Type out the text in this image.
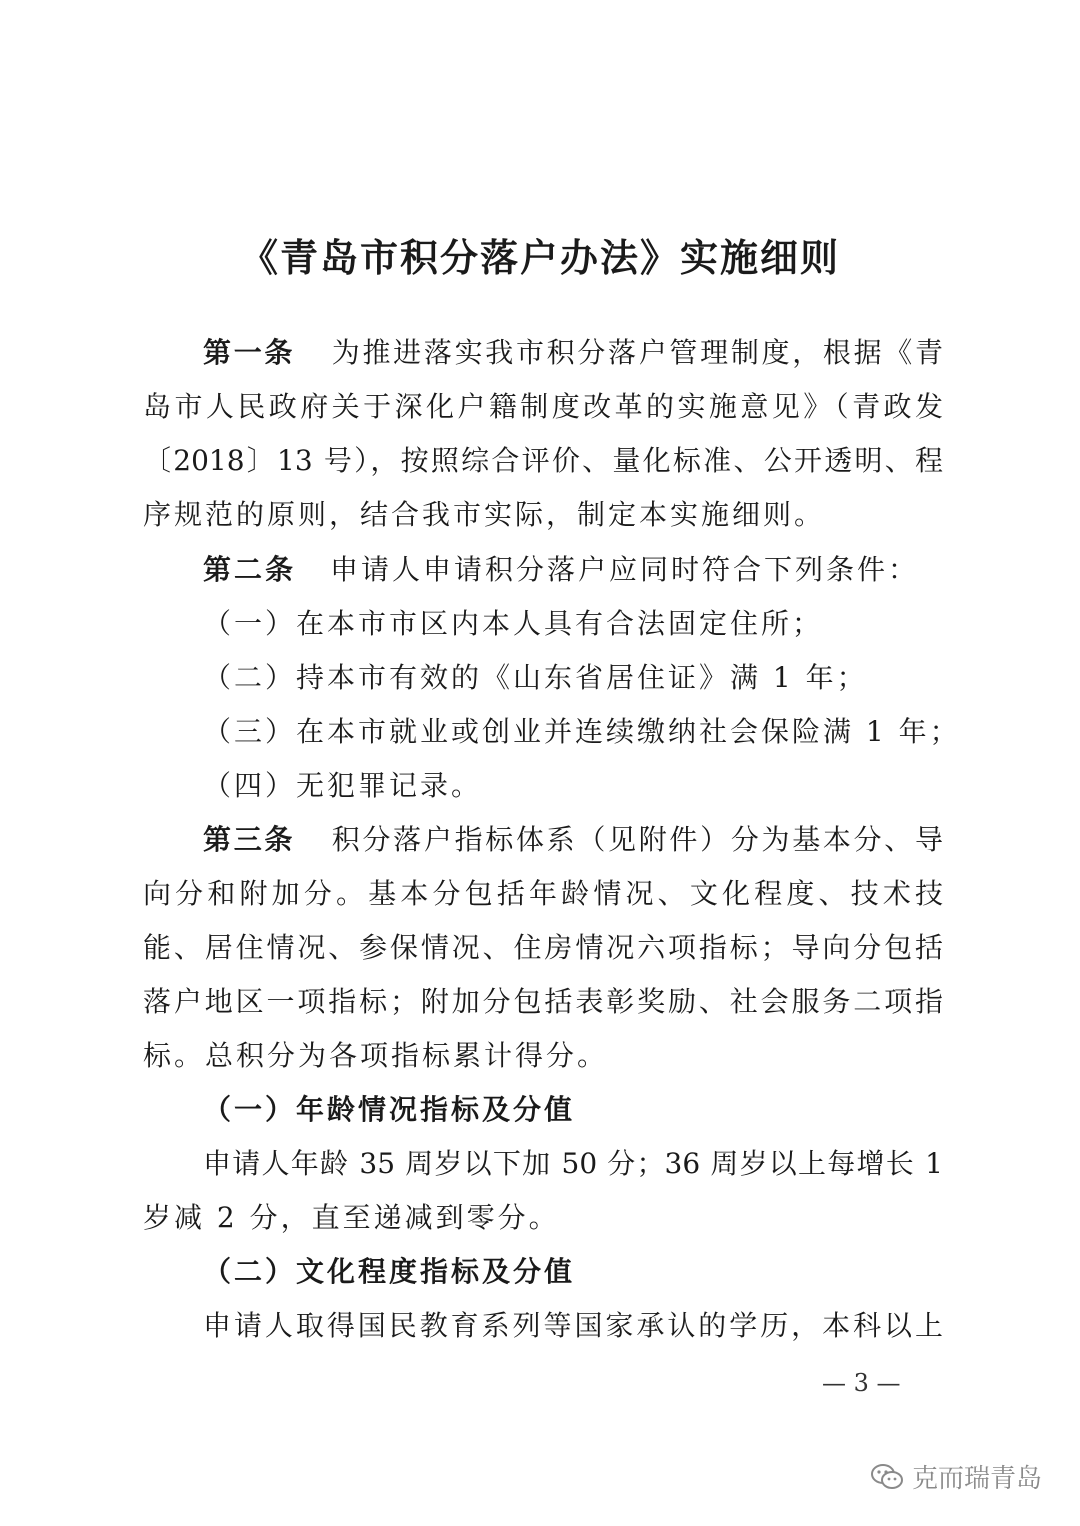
《青岛市积分落户办法》实施细则
第一条 为推进落实我市积分落户管理制度，根据《青
岛市人民政府关于深化户籍制度改革的实施意见》（青政发
〔2018〕13 号），按照综合评价、量化标准、公开透明、程
序规范的原则，结合我市实际，制定本实施细则。
第二条 申请人申请积分落户应同时符合下列条件：
（一）在本市市区内本人具有合法固定住所；
（二）持本市有效的《山东省居住证》满 1 年；
（三）在本市就业或创业并连续缴纳社会保险满 1 年；
（四）无犯罪记录。
第三条 积分落户指标体系（见附件）分为基本分、导
向分和附加分。基本分包括年龄情况、文化程度、技术技
能、居住情况、参保情况、住房情况六项指标；导向分包括
落户地区一项指标；附加分包括表彰奖励、社会服务二项指
标。总积分为各项指标累计得分。
（一）年龄情况指标及分值
申请人年龄 35 周岁以下加 50 分；36 周岁以上每增长 1
岁减 2 分，直至递减到零分。
（二）文化程度指标及分值
申请人取得国民教育系列等国家承认的学历，本科以上
— 3 —
克而瑞青岛
